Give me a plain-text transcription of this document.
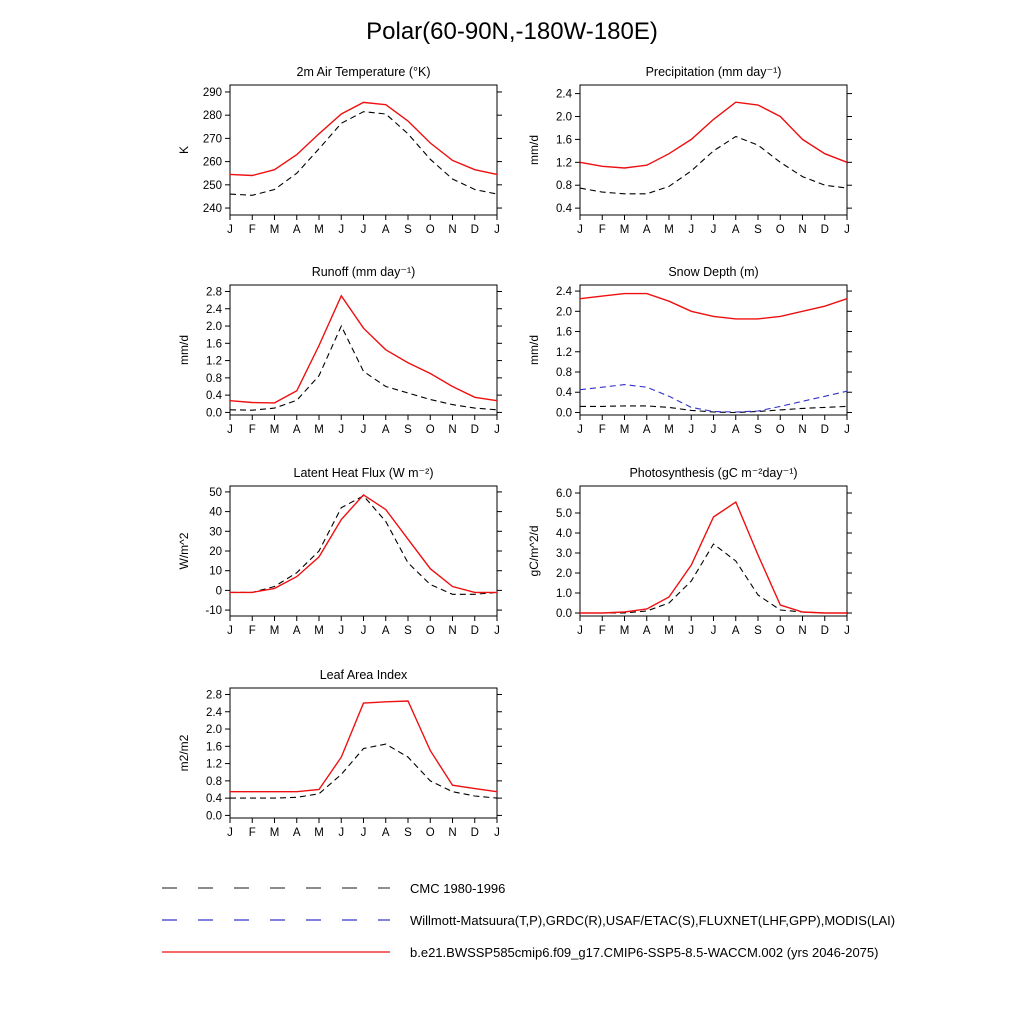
Polar(60-90N,-180W-180E)
240
250
260
270
280
290
J F M A M J J A S O N D J
2m Air Temperature (°K)
K
0.4
0.8
1.2
1.6
2.0
2.4
J F M A M J J A S O N D J
Precipitation (mm day⁻¹)
mm/d
0.0
0.4
0.8
1.2
1.6
2.0
2.4
2.8
J F M A M J J A S O N D J
Runoff (mm day⁻¹)
mm/d
0.0
0.4
0.8
1.2
1.6
2.0
2.4
J F M A M J J A S O N D J
Snow Depth (m)
mm/d
-10
0
10
20
30
40
50
J F M A M J J A S O N D J
Latent Heat Flux (W m⁻²)
W/m^2
0.0
1.0
2.0
3.0
4.0
5.0
6.0
J F M A M J J A S O N D J
Photosynthesis (gC m⁻²day⁻¹)
gC/m^2/d
0.0
0.4
0.8
1.2
1.6
2.0
2.4
2.8
J F M A M J J A S O N D J
Leaf Area Index
m2/m2
CMC 1980-1996
Willmott-Matsuura(T,P),GRDC(R),USAF/ETAC(S),FLUXNET(LHF,GPP),MODIS(LAI)
b.e21.BWSSP585cmip6.f09_g17.CMIP6-SSP5-8.5-WACCM.002 (yrs 2046-2075)
